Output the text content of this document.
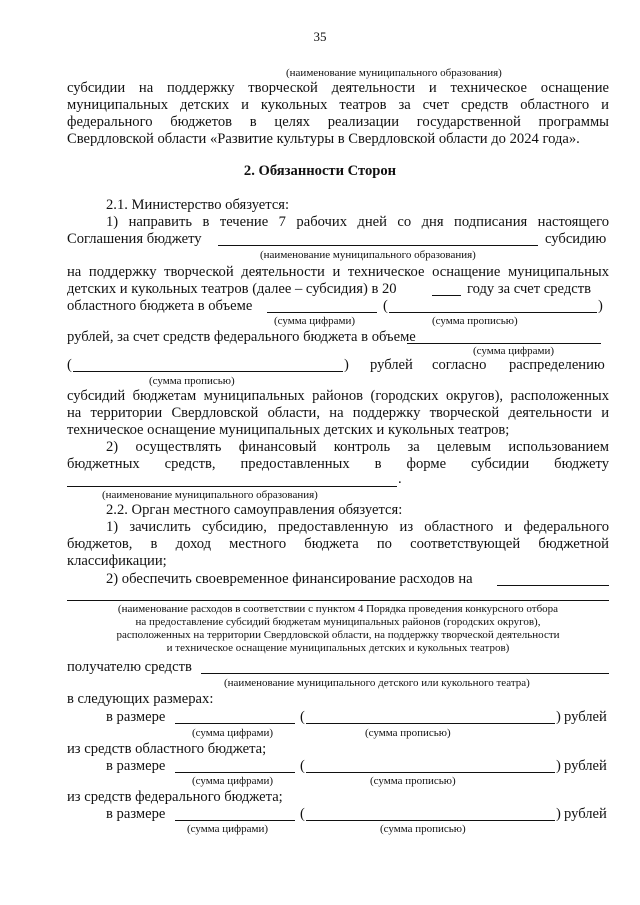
35
(наименование муниципального образования)
субсидии на поддержку творческой деятельности и техническое оснащение
муниципальных детских и кукольных театров за счет средств областного и
федерального бюджетов в целях реализации государственной программы
Свердловской области «Развитие культуры в Свердловской области до 2024 года».
2. Обязанности Сторон
2.1. Министерство обязуется:
1) направить в течение 7 рабочих дней со дня подписания настоящего
Соглашения бюджету	субсидию
(наименование муниципального образования)
на поддержку творческой деятельности и техническое оснащение муниципальных
детских и кукольных театров (далее – субсидия) в 20	году за счет средств
областного бюджета в объеме	(	)
(сумма цифрами)	(сумма прописью)
рублей, за счет средств федерального бюджета в объеме
(сумма цифрами)
(	) рублей согласно распределению
(сумма прописью)
субсидий бюджетам муниципальных районов (городских округов), расположенных
на территории Свердловской области, на поддержку творческой деятельности и
техническое оснащение муниципальных детских и кукольных театров;
2) осуществлять финансовый контроль за целевым использованием
бюджетных средств, предоставленных в форме субсидии бюджету
.
(наименование муниципального образования)
2.2. Орган местного самоуправления обязуется:
1) зачислить субсидию, предоставленную из областного и федерального
бюджетов, в доход местного бюджета по соответствующей бюджетной
классификации;
2) обеспечить своевременное финансирование расходов на
(наименование расходов в соответствии с пунктом 4 Порядка проведения конкурсного отбора
на предоставление субсидий бюджетам муниципальных районов (городских округов),
расположенных на территории Свердловской области, на поддержку творческой деятельности
и техническое оснащение муниципальных детских и кукольных театров)
получателю средств
(наименование муниципального детского или кукольного театра)
в следующих размерах:
в размере	(	) рублей
(сумма цифрами)	(сумма прописью)
из средств областного бюджета;
в размере	(	) рублей
(сумма цифрами)	(сумма прописью)
из средств федерального бюджета;
в размере	(	) рублей
(сумма цифрами)	(сумма прописью)
